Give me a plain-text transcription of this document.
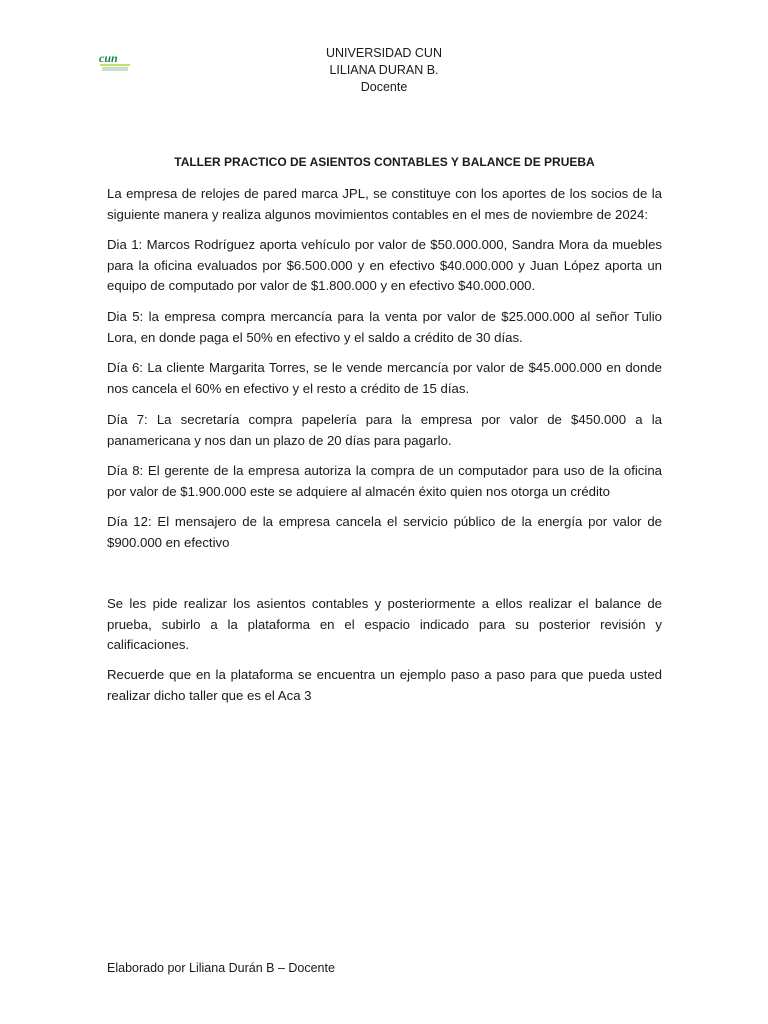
cun	UNIVERSIDAD CUN
LILIANA DURAN B.
Docente
TALLER PRACTICO DE ASIENTOS CONTABLES Y BALANCE DE PRUEBA
La empresa de relojes de pared marca JPL, se constituye con los aportes de los socios de la siguiente manera y realiza algunos movimientos contables en el mes de noviembre de 2024:
Dia 1: Marcos Rodríguez aporta vehículo por valor de $50.000.000, Sandra Mora da muebles para la oficina evaluados por $6.500.000 y en efectivo $40.000.000 y Juan López aporta un equipo de computado por valor de $1.800.000 y en efectivo $40.000.000.
Dia 5: la empresa compra mercancía para la venta por valor de $25.000.000 al señor Tulio Lora, en donde paga el 50% en efectivo y el saldo a crédito de 30 días.
Día 6: La cliente Margarita Torres, se le vende mercancía por valor de $45.000.000 en donde nos cancela el 60% en efectivo y el resto a crédito de 15 días.
Día 7: La secretaría compra papelería para la empresa por valor de $450.000 a la panamericana y nos dan un plazo de 20 días para pagarlo.
Día 8: El gerente de la empresa autoriza la compra de un computador para uso de la oficina por valor de $1.900.000 este se adquiere al almacén éxito quien nos otorga un crédito
Día 12: El mensajero de la empresa cancela el servicio público de la energía por valor de $900.000 en efectivo
Se les pide realizar los asientos contables y posteriormente a ellos realizar el balance de prueba, subirlo a la plataforma en el espacio indicado para su posterior revisión y calificaciones.
Recuerde que en la plataforma se encuentra un ejemplo paso a paso para que pueda usted realizar dicho taller que es el Aca 3
Elaborado por Liliana Durán B – Docente
